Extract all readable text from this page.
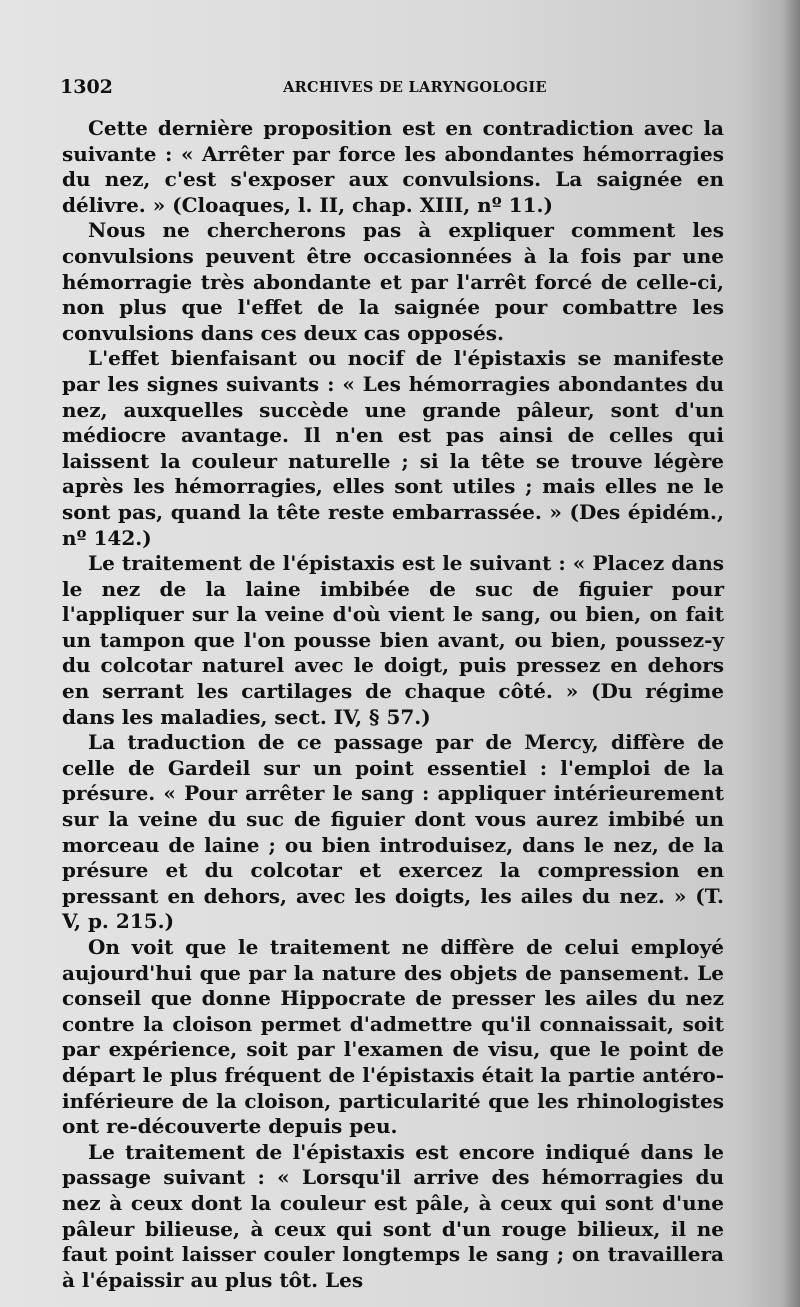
1302	ARCHIVES DE LARYNGOLOGIE

Cette dernière proposition est en contradiction avec la suivante : « Arrêter par force les abondantes hémorragies du nez, c'est s'exposer aux convulsions. La saignée en délivre. » (Cloaques, l. II, chap. XIII, nº 11.)

Nous ne chercherons pas à expliquer comment les convulsions peuvent être occasionnées à la fois par une hémorragie très abondante et par l'arrêt forcé de celle-ci, non plus que l'effet de la saignée pour combattre les convulsions dans ces deux cas opposés.

L'effet bienfaisant ou nocif de l'épistaxis se manifeste par les signes suivants : « Les hémorragies abondantes du nez, auxquelles succède une grande pâleur, sont d'un médiocre avantage. Il n'en est pas ainsi de celles qui laissent la couleur naturelle ; si la tête se trouve légère après les hémorragies, elles sont utiles ; mais elles ne le sont pas, quand la tête reste embarrassée. » (Des épidém., nº 142.)

Le traitement de l'épistaxis est le suivant : « Placez dans le nez de la laine imbibée de suc de figuier pour l'appliquer sur la veine d'où vient le sang, ou bien, on fait un tampon que l'on pousse bien avant, ou bien, poussez-y du colcotar naturel avec le doigt, puis pressez en dehors en serrant les cartilages de chaque côté. » (Du régime dans les maladies, sect. IV, § 57.)

La traduction de ce passage par de Mercy, diffère de celle de Gardeil sur un point essentiel : l'emploi de la présure. « Pour arrêter le sang : appliquer intérieurement sur la veine du suc de figuier dont vous aurez imbibé un morceau de laine ; ou bien introduisez, dans le nez, de la présure et du colcotar et exercez la compression en pressant en dehors, avec les doigts, les ailes du nez. » (T. V, p. 215.)

On voit que le traitement ne diffère de celui employé aujourd'hui que par la nature des objets de pansement. Le conseil que donne Hippocrate de presser les ailes du nez contre la cloison permet d'admettre qu'il connaissait, soit par expérience, soit par l'examen de visu, que le point de départ le plus fréquent de l'épistaxis était la partie antéro-inférieure de la cloison, particularité que les rhinologistes ont re-découverte depuis peu.

Le traitement de l'épistaxis est encore indiqué dans le passage suivant : « Lorsqu'il arrive des hémorragies du nez à ceux dont la couleur est pâle, à ceux qui sont d'une pâleur bilieuse, à ceux qui sont d'un rouge bilieux, il ne faut point laisser couler longtemps le sang ; on travaillera à l'épaissir au plus tôt. Les
